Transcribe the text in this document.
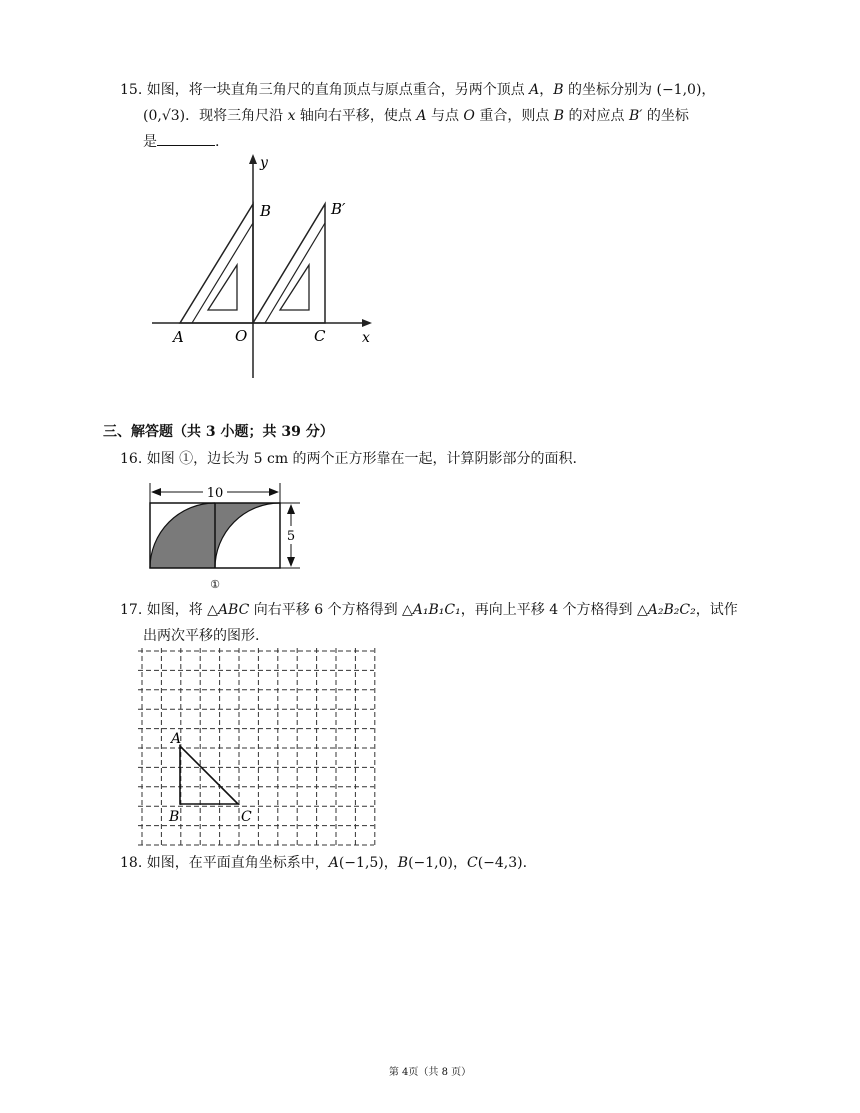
15. 如图，将一块直角三角尺的直角顶点与原点重合，另两个顶点 A，B 的坐标分别为 (−1,0)，
(0,√3)．现将三角尺沿 x 轴向右平移，使点 A 与点 O 重合，则点 B 的对应点 B′ 的坐标
是	.
y
x
B	B′
A	O	C
三、解答题（共 3 小题；共 39 分）
16. 如图 ①，边长为 5 cm 的两个正方形靠在一起，计算阴影部分的面积.
10
5
①
17. 如图，将 △ABC 向右平移 6 个方格得到 △A₁B₁C₁，再向上平移 4 个方格得到 △A₂B₂C₂，试作
出两次平移的图形.
A
B	C
18. 如图，在平面直角坐标系中，A(−1,5)，B(−1,0)，C(−4,3).
第 4页（共 8 页）
